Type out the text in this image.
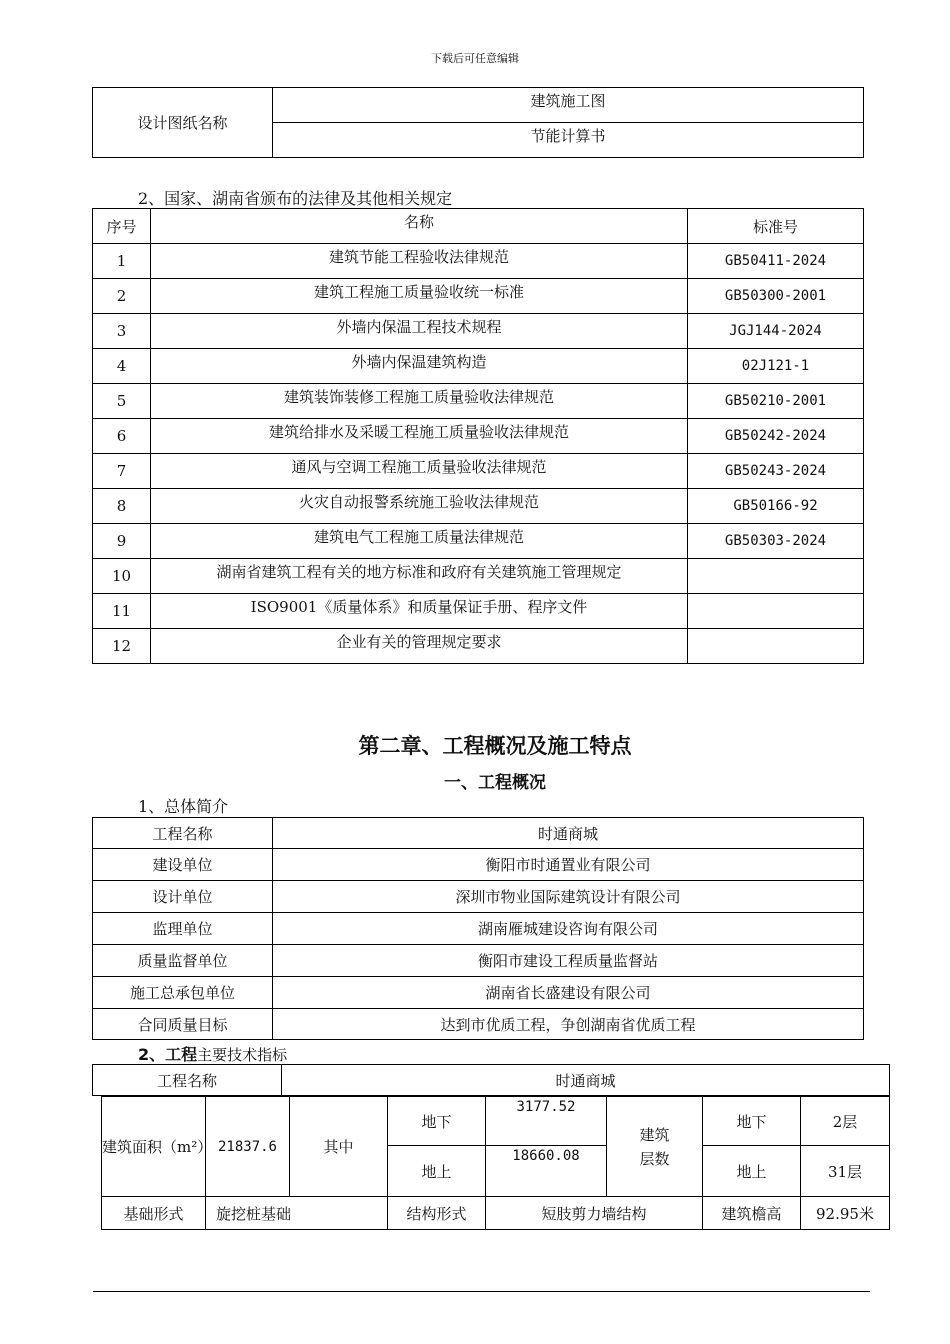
下载后可任意编辑
设计图纸名称	建筑施工图
节能计算书
2、国家、湖南省颁布的法律及其他相关规定
序号	名称	标准号
1	建筑节能工程验收法律规范	GB50411-2024
2	建筑工程施工质量验收统一标准	GB50300-2001
3	外墙内保温工程技术规程	JGJ144-2024
4	外墙内保温建筑构造	02J121-1
5	建筑装饰装修工程施工质量验收法律规范	GB50210-2001
6	建筑给排水及采暖工程施工质量验收法律规范	GB50242-2024
7	通风与空调工程施工质量验收法律规范	GB50243-2024
8	火灾自动报警系统施工验收法律规范	GB50166-92
9	建筑电气工程施工质量法律规范	GB50303-2024
10	湖南省建筑工程有关的地方标准和政府有关建筑施工管理规定	
11	ISO9001《质量体系》和质量保证手册、程序文件	
12	企业有关的管理规定要求	
第二章、工程概况及施工特点
一、工程概况
1、总体简介
工程名称	时通商城
建设单位	衡阳市时通置业有限公司
设计单位	深圳市物业国际建筑设计有限公司
监理单位	湖南雁城建设咨询有限公司
质量监督单位	衡阳市建设工程质量监督站
施工总承包单位	湖南省长盛建设有限公司
合同质量目标	达到市优质工程，争创湖南省优质工程
2、工程主要技术指标
工程名称	时通商城
建筑面积（m²）	21837.6	其中	地下	3177.52	建筑层数	地下	2层
			地上	18660.08		地上	31层
基础形式	旋挖桩基础		结构形式	短肢剪力墙结构		建筑檐高	92.95米
